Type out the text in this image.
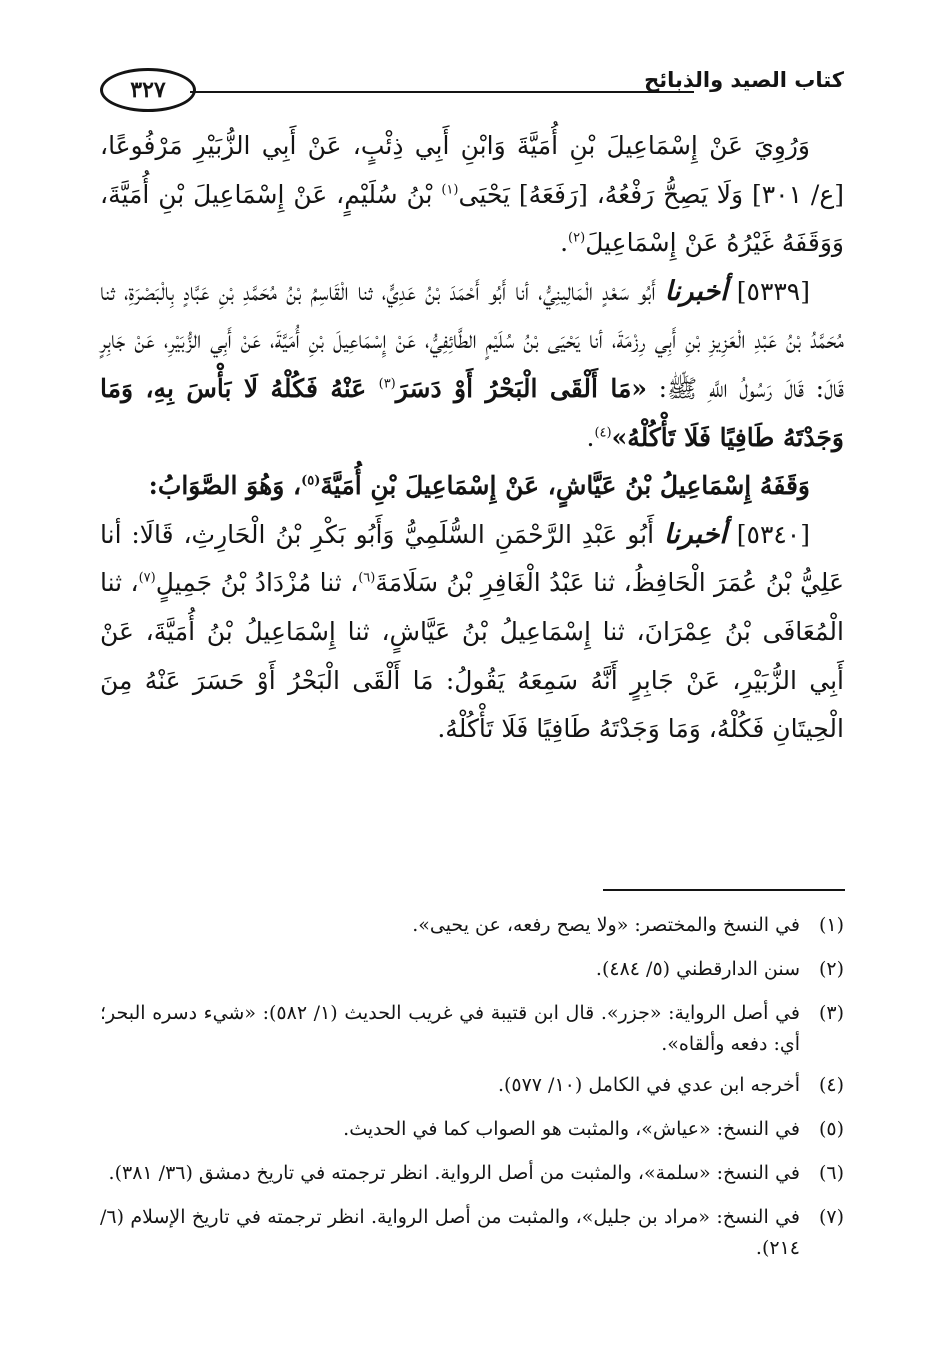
كتاب الصيد والذبائح
٣٢٧

وَرُوِيَ عَنْ إِسْمَاعِيلَ بْنِ أُمَيَّةَ وَابْنِ أَبِي ذِئْبٍ، عَنْ أَبِي الزُّبَيْرِ مَرْفُوعًا، [ع/ ٣٠١] وَلَا يَصِحُّ رَفْعُهُ، [رَفَعَهُ] يَحْيَى$^{(١)}$ بْنُ سُلَيْمٍ، عَنْ إِسْمَاعِيلَ بْنِ أُمَيَّةَ، وَوَقَفَهُ غَيْرُهُ عَنْ إِسْمَاعِيلَ$^{(٢)}$.

[٥٣٣٩] أخبرنا أَبُو سَعْدٍ الْمَالِينِيُّ، أنا أَبُو أَحْمَدَ بْنُ عَدِيٍّ، ثنا الْقَاسِمُ بْنُ مُحَمَّدِ بْنِ عَبَّادٍ بِالْبَصْرَةِ، ثنا مُحَمَّدُ بْنُ عَبْدِ الْعَزِيزِ بْنِ أَبِي رِزْمَةَ، أنا يَحْيَى بْنُ سُلَيْمٍ الطَّائِفِيُّ، عَنْ إِسْمَاعِيلَ بْنِ أُمَيَّةَ، عَنْ أَبِي الزُّبَيْرِ، عَنْ جَابِرٍ قَالَ: قَالَ رَسُولُ اللَّهِ ﷺ: «مَا أَلْقَى الْبَحْرُ أَوْ دَسَرَ$^{(٣)}$ عَنْهُ فَكُلْهُ لَا بَأْسَ بِهِ، وَمَا وَجَدْتَهُ طَافِيًا فَلَا تَأْكُلْهُ»$^{(٤)}$.

وَقَفَهُ إِسْمَاعِيلُ بْنُ عَيَّاشٍ، عَنْ إِسْمَاعِيلَ بْنِ أُمَيَّةَ$^{(٥)}$، وَهُوَ الصَّوَابُ:

[٥٣٤٠] أخبرنا أَبُو عَبْدِ الرَّحْمَنِ السُّلَمِيُّ وَأَبُو بَكْرِ بْنُ الْحَارِثِ، قَالَا: أنا عَلِيُّ بْنُ عُمَرَ الْحَافِظُ، ثنا عَبْدُ الْغَافِرِ بْنُ سَلَامَةَ$^{(٦)}$، ثنا مُزْدَادُ بْنُ جَمِيلٍ$^{(٧)}$، ثنا الْمُعَافَى بْنُ عِمْرَانَ، ثنا إِسْمَاعِيلُ بْنُ عَيَّاشٍ، ثنا إِسْمَاعِيلُ بْنُ أُمَيَّةَ، عَنْ أَبِي الزُّبَيْرِ، عَنْ جَابِرٍ أَنَّهُ سَمِعَهُ يَقُولُ: مَا أَلْقَى الْبَحْرُ أَوْ حَسَرَ عَنْهُ مِنَ الْحِيتَانِ فَكُلْهُ، وَمَا وَجَدْتَهُ طَافِيًا فَلَا تَأْكُلْهُ.

(١)
في النسخ والمختصر: «ولا يصح رفعه، عن يحيى».
(٢)
سنن الدارقطني (٥/ ٤٨٤).
(٣)
في أصل الرواية: «جزر». قال ابن قتيبة في غريب الحديث (١/ ٥٨٢): «شيء دسره البحر؛ أي: دفعه وألقاه».
(٤)
أخرجه ابن عدي في الكامل (١٠/ ٥٧٧).
(٥)
في النسخ: «عياش»، والمثبت هو الصواب كما في الحديث.
(٦)
في النسخ: «سلمة»، والمثبت من أصل الرواية. انظر ترجمته في تاريخ دمشق (٣٦/ ٣٨١).
(٧)
في النسخ: «مراد بن جليل»، والمثبت من أصل الرواية. انظر ترجمته في تاريخ الإسلام (٦/ ٢١٤).
